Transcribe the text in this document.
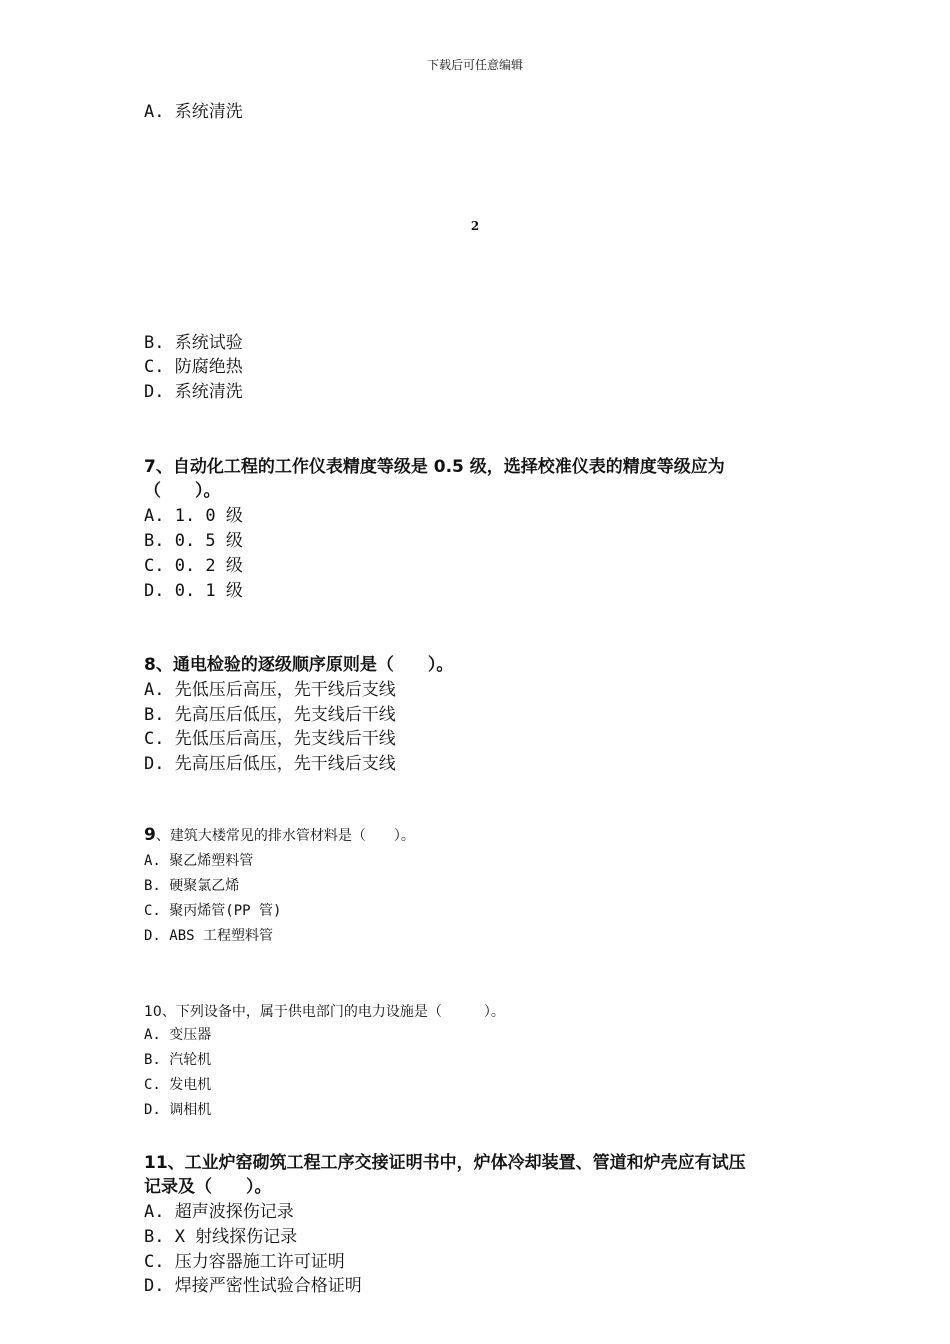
下载后可任意编辑
A. 系统清洗
2
B. 系统试验
C. 防腐绝热
D. 系统清洗
7、自动化工程的工作仪表精度等级是 0.5 级，选择校准仪表的精度等级应为
（　　）。
A. 1. 0 级
B. 0. 5 级
C. 0. 2 级
D. 0. 1 级
8、通电检验的逐级顺序原则是（　　）。
A. 先低压后高压，先干线后支线
B. 先高压后低压，先支线后干线
C. 先低压后高压，先支线后干线
D. 先高压后低压，先干线后支线
9、建筑大楼常见的排水管材料是（　　）。
A. 聚乙烯塑料管
B. 硬聚氯乙烯
C. 聚丙烯管(PP 管)
D. ABS 工程塑料管
10、下列设备中，属于供电部门的电力设施是（　　　）。
A. 变压器
B. 汽轮机
C. 发电机
D. 调相机
11、工业炉窑砌筑工程工序交接证明书中，炉体冷却装置、管道和炉壳应有试压
记录及（　　）。
A. 超声波探伤记录
B. X 射线探伤记录
C. 压力容器施工许可证明
D. 焊接严密性试验合格证明
